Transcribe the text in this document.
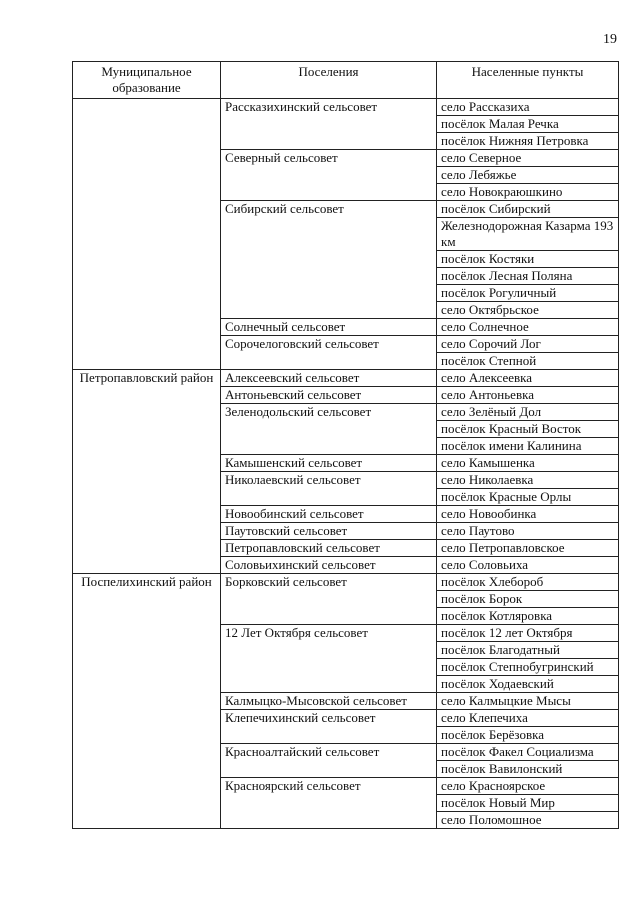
19
Муниципальное образование	Поселения	Населенные пункты
	Рассказихинский сельсовет	село Рассказиха
		посёлок Малая Речка
		посёлок Нижняя Петровка
	Северный сельсовет	село Северное
		село Лебяжье
		село Новокраюшкино
	Сибирский сельсовет	посёлок Сибирский
		Железнодорожная Казарма 193 км
		посёлок Костяки
		посёлок Лесная Поляна
		посёлок Рогуличный
		село Октябрьское
	Солнечный сельсовет	село Солнечное
	Сорочелоговский сельсовет	село Сорочий Лог
		посёлок Степной
Петропавловский район	Алексеевский сельсовет	село Алексеевка
	Антоньевский сельсовет	село Антоньевка
	Зеленодольский сельсовет	село Зелёный Дол
		посёлок Красный Восток
		посёлок имени Калинина
	Камышенский сельсовет	село Камышенка
	Николаевский сельсовет	село Николаевка
		посёлок Красные Орлы
	Новообинский сельсовет	село Новообинка
	Паутовский сельсовет	село Паутово
	Петропавловский сельсовет	село Петропавловское
	Соловьихинский сельсовет	село Соловьиха
Поспелихинский район	Борковский сельсовет	посёлок Хлебороб
		посёлок Борок
		посёлок Котляровка
	12 Лет Октября сельсовет	посёлок 12 лет Октября
		посёлок Благодатный
		посёлок Степнобугринский
		посёлок Ходаевский
	Калмыцко-Мысовской сельсовет	село Калмыцкие Мысы
	Клепечихинский сельсовет	село Клепечиха
		посёлок Берёзовка
	Красноалтайский сельсовет	посёлок Факел Социализма
		посёлок Вавилонский
	Красноярский сельсовет	село Красноярское
		посёлок Новый Мир
		село Поломошное
